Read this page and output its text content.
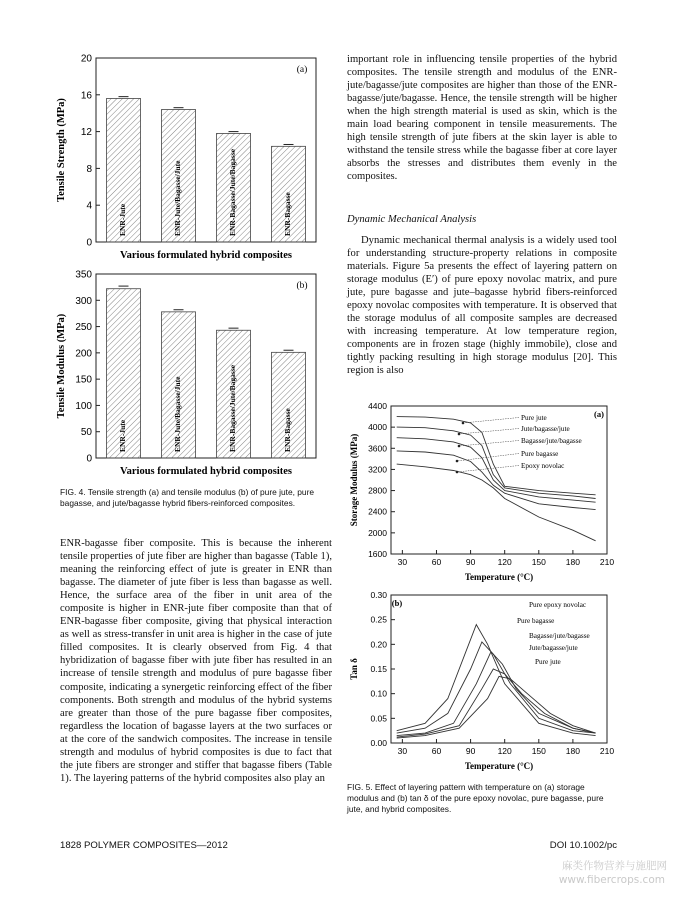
0
4
8
12
16
20
Tensile Strength (MPa)
Various formulated hybrid composites
(a)
ENR-Jute	ENR-Jute/Bagasse/Jute	ENR-Bagasse/Jute/Bagasse	ENR-Bagasse
0
50
100
150
200
250
300
350
Tensile Modulus (MPa)
Various formulated hybrid composites
(b)
ENR-Jute	ENR-Jute/Bagasse/Jute	ENR-Bagasse/Jute/Bagasse	ENR-Bagasse
FIG. 4. Tensile strength (a) and tensile modulus (b) of pure jute, pure bagasse, and jute/bagasse hybrid fibers-reinforced composites.

ENR-bagasse fiber composite. This is because the inherent tensile properties of jute fiber are higher than bagasse (Table 1), meaning the reinforcing effect of jute is greater in ENR than bagasse. The diameter of jute fiber is less than bagasse as well. Hence, the surface area of the fiber in unit area of the composite is higher in ENR-jute fiber composite than that of ENR-bagasse fiber composite, giving that physical interaction as well as stress-transfer in unit area is higher in the case of jute filled composites. It is clearly observed from Fig. 4 that hybridization of bagasse fiber with jute fiber has resulted in an increase of tensile strength and modulus of pure bagasse fiber composite, indicating a synergetic reinforcing effect of the fiber components. Both strength and modulus of the hybrid systems are greater than those of the pure bagasse fiber composites, regardless the location of bagasse layers at the two surfaces or at the core of the sandwich composites. The increase in tensile strength and modulus of hybrid composites is due to fact that the jute fibers are stronger and stiffer that bagasse fibers (Table 1). The layering patterns of the hybrid composites also play an

important role in influencing tensile properties of the hybrid composites. The tensile strength and modulus of the ENR-jute/bagasse/jute composites are higher than those of the ENR-bagasse/jute/bagasse. Hence, the tensile strength will be higher when the high strength material is used as skin, which is the main load bearing component in tensile measurements. The high tensile strength of jute fibers at the skin layer is able to withstand the tensile stress while the bagasse fiber at core layer absorbs the stresses and distributes them evenly in the composites.

Dynamic Mechanical Analysis

Dynamic mechanical thermal analysis is a widely used tool for understanding structure-property relations in composite materials. Figure 5a presents the effect of layering pattern on storage modulus (E′) of pure epoxy novolac matrix, and pure jute, pure bagasse and jute–bagasse hybrid fibers-reinforced epoxy novolac composites with temperature. It is observed that the storage modulus of all composite samples are decreased with increasing temperature. At low temperature region, components are in frozen stage (highly immobile), close and tightly packing resulting in high storage modulus [20]. This region is also

1600
2000
2400
2800
3200
3600
4000
4400
30	60	90	120 150 180 210
Storage Modulus (MPa)
Temperature (°C)
(a)
Pure jute
Jute/bagasse/jute
Bagasse/jute/bagasse
Pure bagasse
Epoxy novolac
0.00
0.05
0.10
0.15
0.20
0.25
0.30
30	60	90	120 150 180 210
Tan δ
Temperature (°C)
(b)	Pure epoxy novolac
Pure bagasse
Bagasse/jute/bagasse
Jute/bagasse/jute
Pure jute
FIG. 5. Effect of layering pattern with temperature on (a) storage modulus and (b) tan δ of the pure epoxy novolac, pure bagasse, pure jute, and hybrid composites.
1828 POLYMER COMPOSITES—2012	DOI 10.1002/pc
麻类作物营养与施肥网
www.fibercrops.com
